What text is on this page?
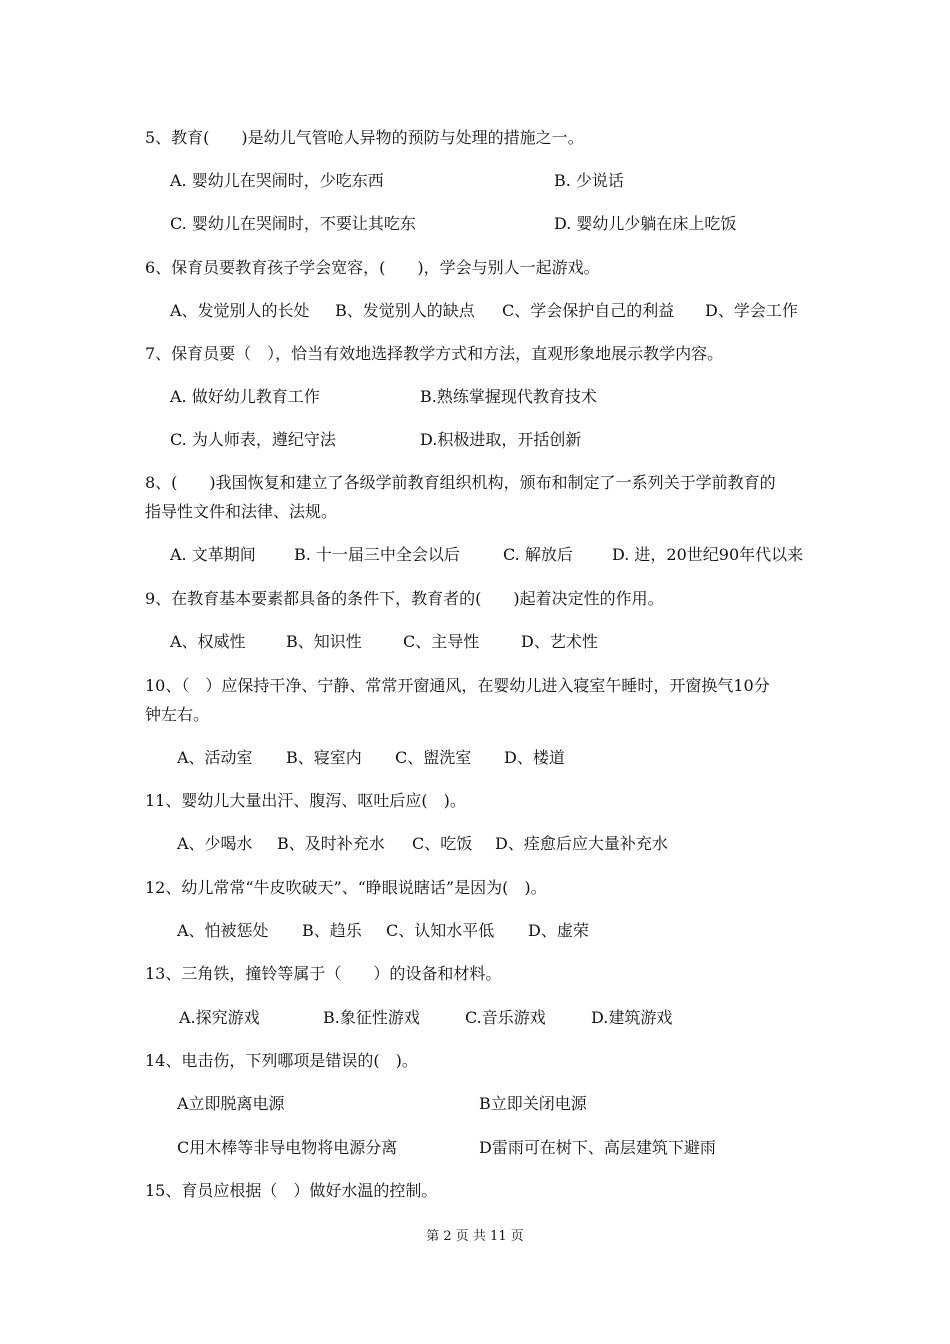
5、教育(　　)是幼儿气管呛人异物的预防与处理的措施之一。
A. 婴幼儿在哭闹时，少吃东西	B. 少说话
C. 婴幼儿在哭闹时，不要让其吃东	D. 婴幼儿少躺在床上吃饭
6、保育员要教育孩子学会宽容，(　　)，学会与别人一起游戏。
A、发觉别人的长处 B、发觉别人的缺点 C、学会保护自己的利益 D、学会工作
7、保育员要（　），恰当有效地选择教学方式和方法，直观形象地展示教学内容。
A. 做好幼儿教育工作	B.熟练掌握现代教育技术
C. 为人师表，遵纪守法	D.积极进取，开括创新
8、(　　)我国恢复和建立了各级学前教育组织机构，颁布和制定了一系列关于学前教育的
指导性文件和法律、法规。
A. 文革期间 B. 十一届三中全会以后	C. 解放后 D. 进，20世纪90年代以来
9、在教育基本要素都具备的条件下，教育者的(　　)起着决定性的作用。
A、权威性	B、知识性	C、主导性	D、艺术性
10、（　）应保持干净、宁静、常常开窗通风，在婴幼儿进入寝室午睡时，开窗换气10分
钟左右。
A、活动室 B、寝室内 C、盥洗室 D、楼道
11、婴幼儿大量出汗、腹泻、呕吐后应(　)。
A、少喝水 B、及时补充水 C、吃饭 D、痊愈后应大量补充水
12、幼儿常常“牛皮吹破天”、“睁眼说瞎话”是因为(　)。
A、怕被惩处 B、趋乐 C、认知水平低 D、虚荣
13、三角铁，撞铃等属于（　　）的设备和材料。
A.探究游戏	B.象征性游戏	C.音乐游戏	D.建筑游戏
14、电击伤，下列哪项是错误的(　)。
A立即脱离电源	B立即关闭电源
C用木棒等非导电物将电源分离	D雷雨可在树下、高层建筑下避雨
15、育员应根据（　）做好水温的控制。
第 2 页 共 11 页
